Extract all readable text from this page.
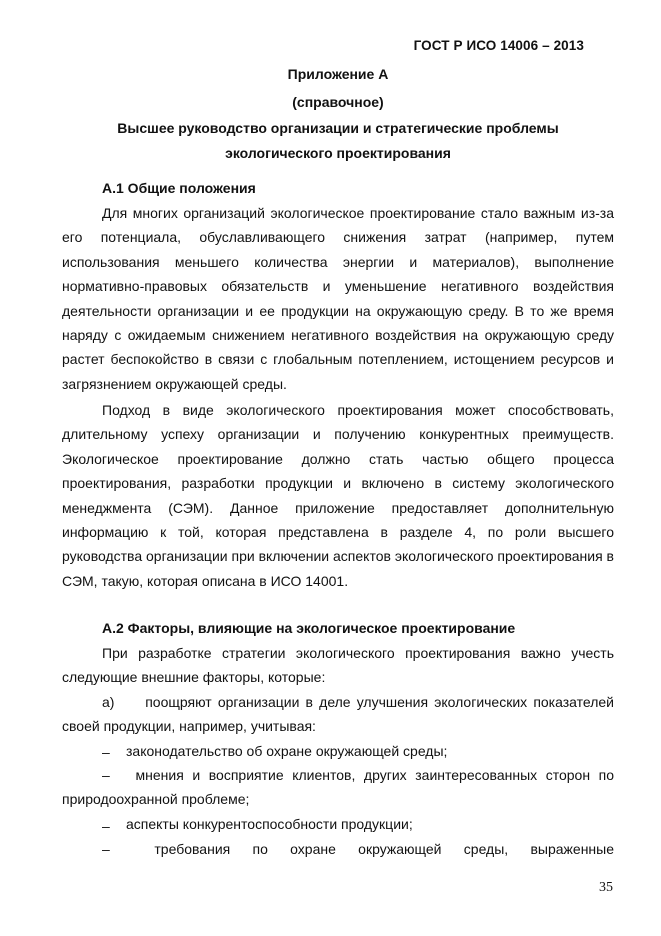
ГОСТ Р ИСО 14006 – 2013
Приложение А
(справочное)
Высшее руководство организации и стратегические проблемы
экологического проектирования
А.1 Общие положения

Для многих организаций экологическое проектирование стало важным из-за его потенциала, обуславливающего снижения затрат (например, путем использования меньшего количества энергии и материалов), выполнение нормативно-правовых обязательств и уменьшение негативного воздействия деятельности организации и ее продукции на окружающую среду. В то же время наряду с ожидаемым снижением негативного воздействия на окружающую среду растет беспокойство в связи с глобальным потеплением, истощением ресурсов и загрязнением окружающей среды.

Подход в виде экологического проектирования может способствовать, длительному успеху организации и получению конкурентных преимуществ. Экологическое проектирование должно стать частью общего процесса проектирования, разработки продукции и включено в систему экологического менеджмента (СЭМ). Данное приложение предоставляет дополнительную информацию к той, которая представлена в разделе 4, по роли высшего руководства организации при включении аспектов экологического проектирования в СЭМ, такую, которая описана в ИСО 14001.

А.2 Факторы, влияющие на экологическое проектирование

При разработке стратегии экологического проектирования важно учесть следующие внешние факторы, которые:

а) поощряют организации в деле улучшения экологических показателей своей продукции, например, учитывая:

– законодательство об охране окружающей среды;

– мнения и восприятие клиентов, других заинтересованных сторон по природоохранной проблеме;

– аспекты конкурентоспособности продукции;

–	требования по охране окружающей среды, выраженные

35
